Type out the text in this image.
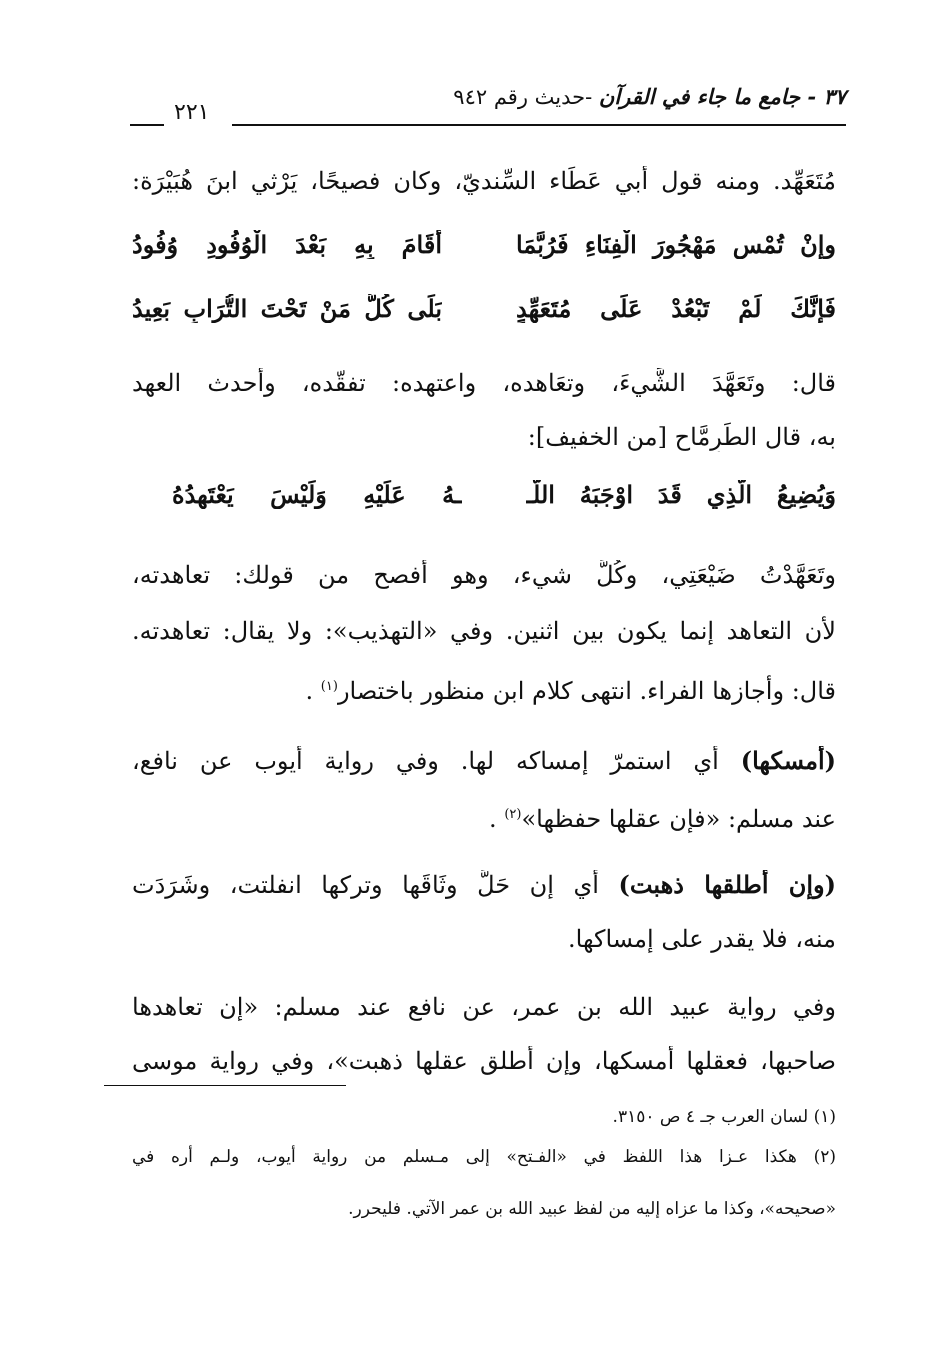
٣٧ - جامع ما جاء في القرآن -حديث رقم ٩٤٢
٢٢١
مُتَعَهِّد. ومنه قول أبي عَطَاء السِّنديّ، وكان فصيحًا، يَرْثي ابنَ هُبَيْرَة:
وإنْ تُمْسِ مَهْجُورَ الْفِنَاءِ فَرُبَّمَا
أَقَامَ بِهِ بَعْدَ الْوُفُودِ وُفُودُ
فَإِنَّكَ لَمْ تَبْعُدْ عَلَى مُتَعَهِّدٍ
بَلَى كُلُّ مَنْ تَحْتَ التُّرَابِ بَعِيدُ
قال: وتَعَهَّدَ الشَّيءَ، وتعَاهده، واعتهده: تفقّده، وأحدث العهد
به، قال الطِّرِمَّاح [من الخفيف]:
وَيُضِيعُ الَّذِي قَدَ اوْجَبَهُ اللَّـ
ـهُ عَلَيْهِ وَلَيْسَ يَعْتَهِدُهُ
وتَعَهَّدْتُ ضَيْعَتِي، وكُلَّ شيء، وهو أفصح من قولك: تعاهدته،
لأن التعاهد إنما يكون بين اثنين. وفي «التهذيب»: ولا يقال: تعاهدته.
قال: وأجازها الفراء. انتهى كلام ابن منظور باختصار$^{(١)}$ .
(أمسكها) أي استمرّ إمساكه لها. وفي رواية أيوب عن نافع،
عند مسلم: «فإن عقلها حفظها»$^{(٢)}$ .
(وإن أطلقها ذهبت) أي إن حَلَّ وثَاقَها وتركها انفلتت، وشَرَدَت
منه، فلا يقدر على إمساكها.
وفي رواية عبيد الله بن عمر، عن نافع عند مسلم: «إن تعاهدها
صاحبها، فعقلها أمسكها، وإن أطلق عقلها ذهبت»، وفي رواية موسى
(١) لسان العرب جـ ٤ ص ٣١٥٠.
(٢) هكذا عـزا هذا اللفظ في «الفـتح» إلى مـسلم من رواية أيوب، ولـم أره في
«صحيحه»، وكذا ما عزاه إليه من لفظ عبيد الله بن عمر الآتي. فليحرر.
